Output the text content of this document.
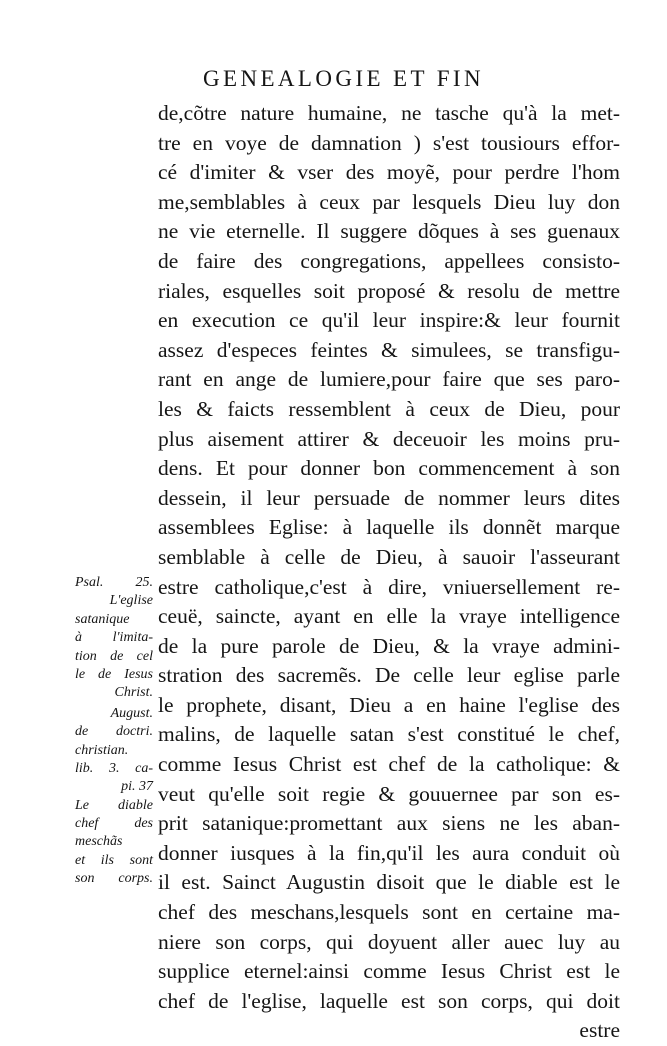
GENEALOGIE ET FIN
de,cõtre nature humaine, ne tasche qu'à la met-
tre en voye de damnation ) s'est tousiours effor-
cé d'imiter & vser des moyẽ, pour perdre l'hom
me,semblables à ceux par lesquels Dieu luy don
ne vie eternelle. Il suggere dõques à ses guenaux
de faire des congregations, appellees consisto-
riales, esquelles soit proposé & resolu de mettre
en execution ce qu'il leur inspire:& leur fournit
assez d'especes feintes & simulees, se transfigu-
rant en ange de lumiere,pour faire que ses paro-
les & faicts ressemblent à ceux de Dieu, pour
plus aisement attirer & deceuoir les moins pru-
dens. Et pour donner bon commencement à son
dessein, il leur persuade de nommer leurs dites
assemblees Eglise: à laquelle ils donnẽt marque
semblable à celle de Dieu, à sauoir l'asseurant
estre catholique,c'est à dire, vniuersellement re-
ceuë, saincte, ayant en elle la vraye intelligence
de la pure parole de Dieu, & la vraye admini-
stration des sacremẽs. De celle leur eglise parle
le prophete, disant, Dieu a en haine l'eglise des
malins, de laquelle satan s'est constitué le chef,
comme Iesus Christ est chef de la catholique: &
veut qu'elle soit regie & gouuernee par son es-
prit satanique:promettant aux siens ne les aban-
donner iusques à la fin,qu'il les aura conduit où
il est. Sainct Augustin disoit que le diable est le
chef des meschans,lesquels sont en certaine ma-
niere son corps, qui doyuent aller auec luy au
supplice eternel:ainsi comme Iesus Christ est le
chef de l'eglise, laquelle est son corps, qui doit
estre
Psal. 25.
L'eglise
satanique
à l'imita-
tion de cel
le de Iesus
Christ.
August.
de doctri.
christian.
lib. 3. ca-
pi. 37
Le diable
chef des
meschãs
et ils sont
son corps.
